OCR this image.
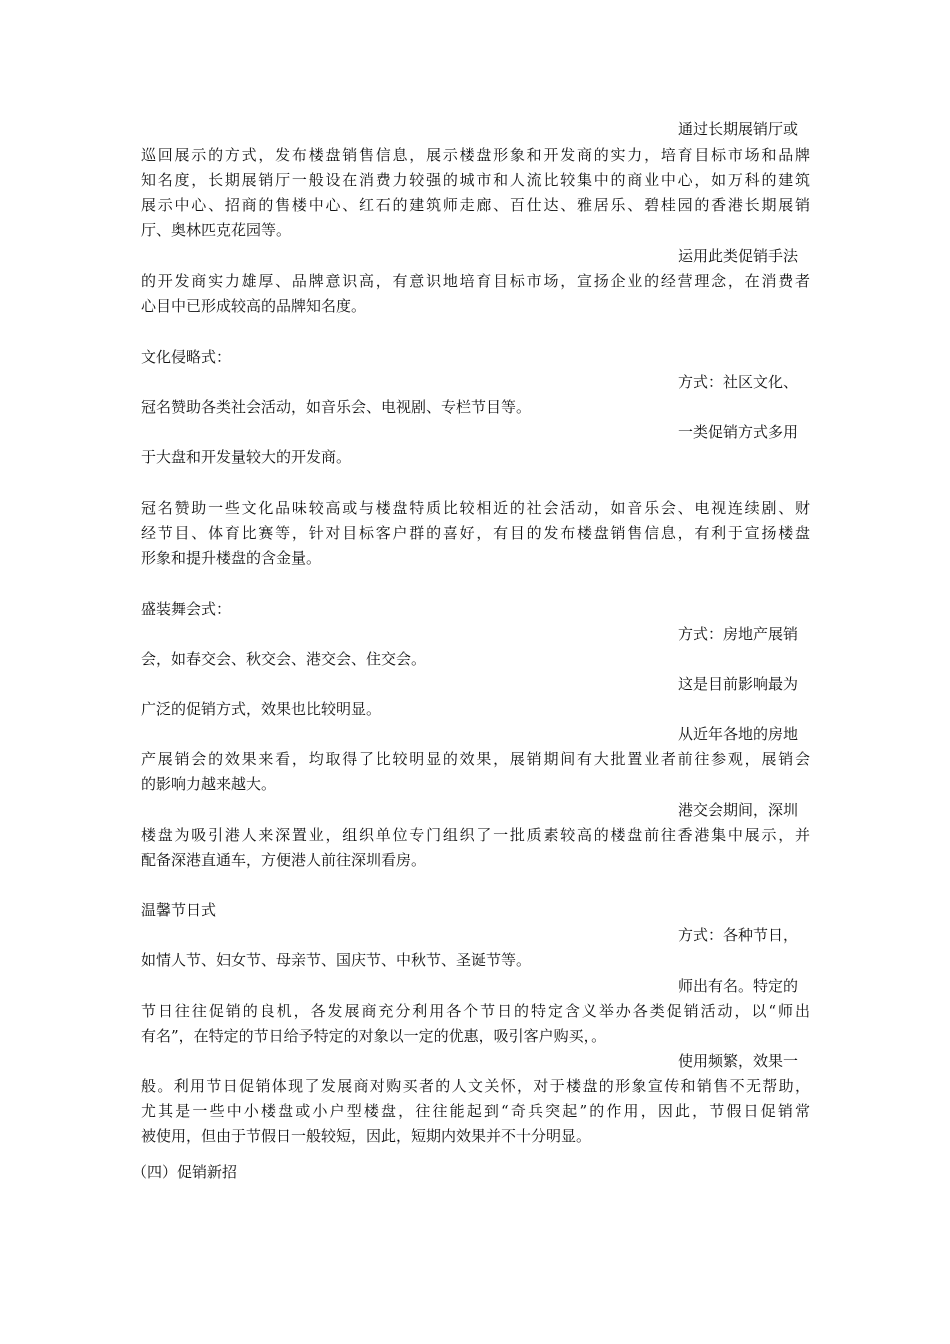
通过长期展销厅或
巡回展示的方式，发布楼盘销售信息，展示楼盘形象和开发商的实力，培育目标市场和品牌
知名度，长期展销厅一般设在消费力较强的城市和人流比较集中的商业中心，如万科的建筑
展示中心、招商的售楼中心、红石的建筑师走廊、百仕达、雅居乐、碧桂园的香港长期展销
厅、奥林匹克花园等。
运用此类促销手法
的开发商实力雄厚、品牌意识高，有意识地培育目标市场，宣扬企业的经营理念，在消费者
心目中已形成较高的品牌知名度。
文化侵略式：
方式：社区文化、
冠名赞助各类社会活动，如音乐会、电视剧、专栏节目等。
一类促销方式多用
于大盘和开发量较大的开发商。
冠名赞助一些文化品味较高或与楼盘特质比较相近的社会活动，如音乐会、电视连续剧、财
经节目、体育比赛等，针对目标客户群的喜好，有目的发布楼盘销售信息，有利于宣扬楼盘
形象和提升楼盘的含金量。
盛装舞会式：
方式：房地产展销
会，如春交会、秋交会、港交会、住交会。
这是目前影响最为
广泛的促销方式，效果也比较明显。
从近年各地的房地
产展销会的效果来看，均取得了比较明显的效果，展销期间有大批置业者前往参观，展销会
的影响力越来越大。
港交会期间，深圳
楼盘为吸引港人来深置业，组织单位专门组织了一批质素较高的楼盘前往香港集中展示，并
配备深港直通车，方便港人前往深圳看房。
温馨节日式
方式：各种节日，
如情人节、妇女节、母亲节、国庆节、中秋节、圣诞节等。
师出有名。特定的
节日往往促销的良机，各发展商充分利用各个节日的特定含义举办各类促销活动，以“师出
有名”，在特定的节日给予特定的对象以一定的优惠，吸引客户购买，。
使用频繁，效果一
般。利用节日促销体现了发展商对购买者的人文关怀，对于楼盘的形象宣传和销售不无帮助，
尤其是一些中小楼盘或小户型楼盘，往往能起到“奇兵突起”的作用，因此，节假日促销常
被使用，但由于节假日一般较短，因此，短期内效果并不十分明显。
（四）促销新招
